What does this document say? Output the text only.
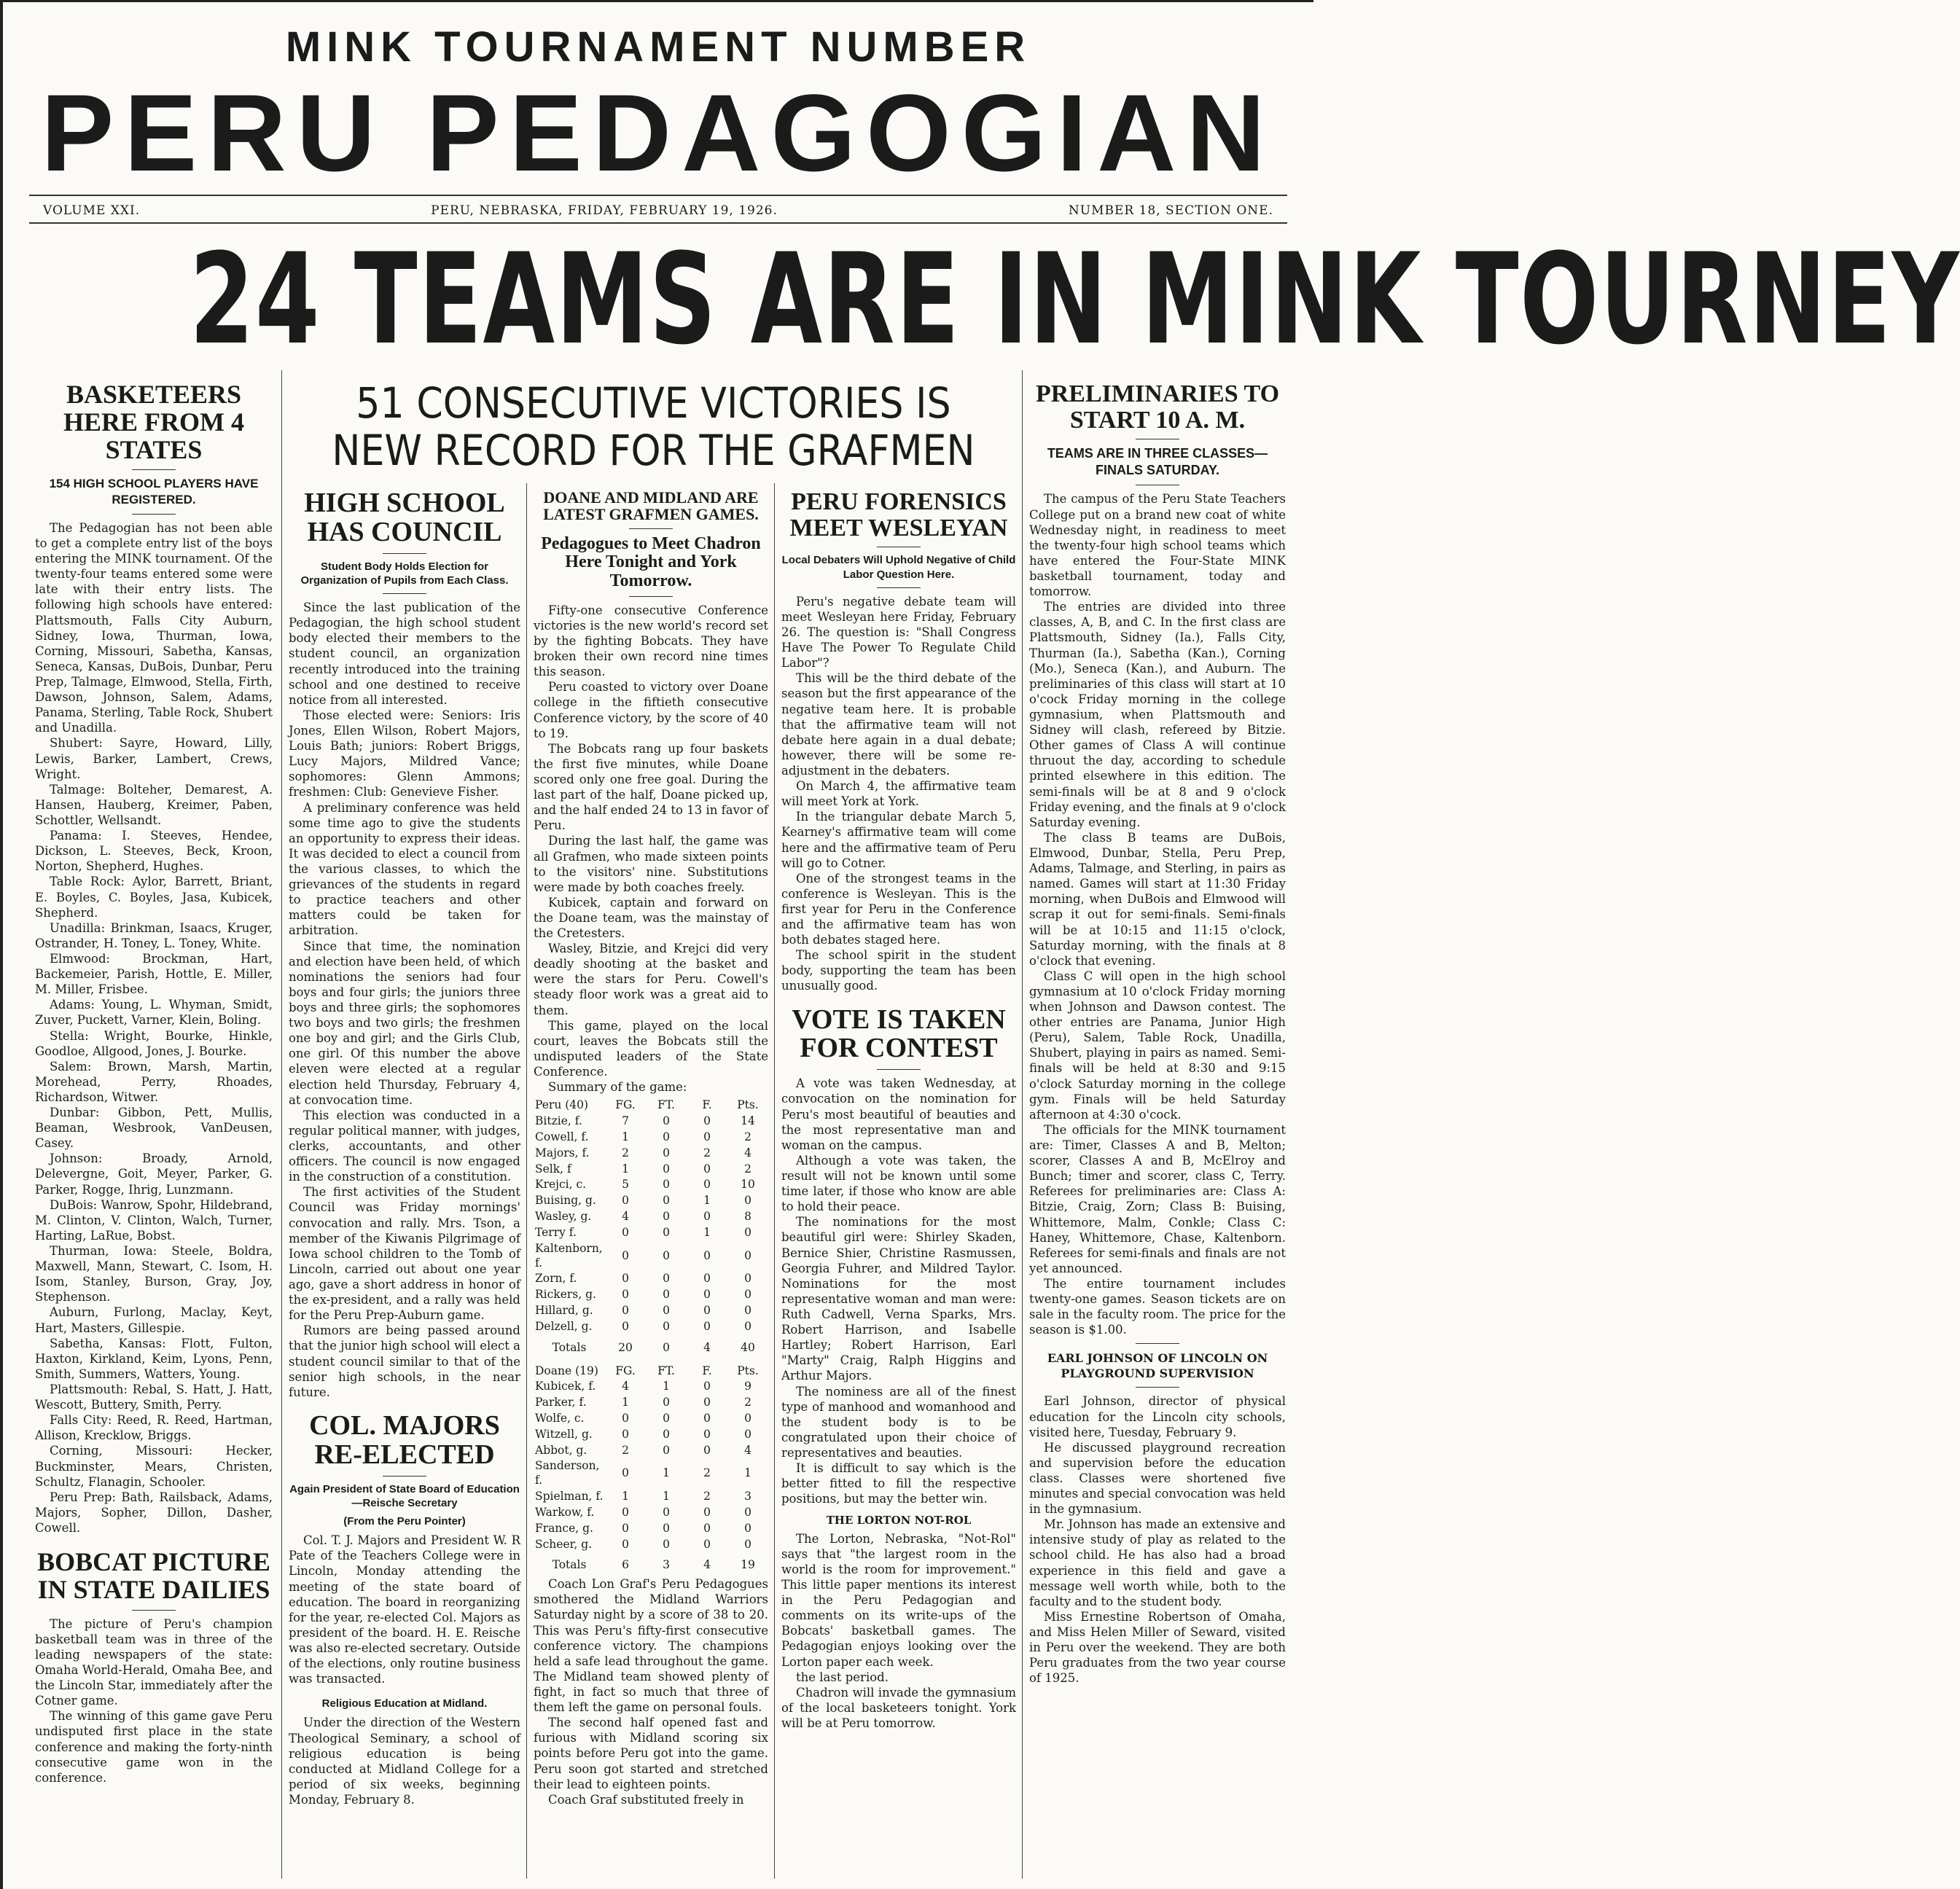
MINK TOURNAMENT NUMBER
PERU PEDAGOGIAN
VOLUME XXI.	PERU, NEBRASKA, FRIDAY, FEBRUARY 19, 1926.	NUMBER 18, SECTION ONE.
24 TEAMS ARE IN MINK TOURNEY
51 CONSECUTIVE VICTORIES IS NEW RECORD FOR THE GRAFMEN
BASKETEERS HERE FROM 4 STATES
154 HIGH SCHOOL PLAYERS HAVE REGISTERED.

The Pedagogian has not been able to get a complete entry list of the boys entering the MINK tournament. Of the twenty-four teams entered some were late with their entry lists. The following high schools have entered: Plattsmouth, Falls City Auburn, Sidney, Iowa, Thurman, Iowa, Corning, Missouri, Sabetha, Kansas, Seneca, Kansas, DuBois, Dunbar, Peru Prep, Talmage, Elmwood, Stella, Firth, Dawson, Johnson, Salem, Adams, Panama, Sterling, Table Rock, Shubert and Unadilla.

Shubert: Sayre, Howard, Lilly, Lewis, Barker, Lambert, Crews, Wright.

Talmage: Bolteher, Demarest, A. Hansen, Hauberg, Kreimer, Paben, Schottler, Wellsandt.

Panama: I. Steeves, Hendee, Dickson, L. Steeves, Beck, Kroon, Norton, Shepherd, Hughes.

Table Rock: Aylor, Barrett, Briant, E. Boyles, C. Boyles, Jasa, Kubicek, Shepherd.

Unadilla: Brinkman, Isaacs, Kruger, Ostrander, H. Toney, L. Toney, White.

Elmwood: Brockman, Hart, Backemeier, Parish, Hottle, E. Miller, M. Miller, Frisbee.

Adams: Young, L. Whyman, Smidt, Zuver, Puckett, Varner, Klein, Boling.

Stella: Wright, Bourke, Hinkle, Goodloe, Allgood, Jones, J. Bourke.

Salem: Brown, Marsh, Martin, Morehead, Perry, Rhoades, Richardson, Witwer.

Dunbar: Gibbon, Pett, Mullis, Beaman, Wesbrook, VanDeusen, Casey.

Johnson: Broady, Arnold, Delevergne, Goit, Meyer, Parker, G. Parker, Rogge, Ihrig, Lunzmann.

DuBois: Wanrow, Spohr, Hildebrand, M. Clinton, V. Clinton, Walch, Turner, Harting, LaRue, Bobst.

Thurman, Iowa: Steele, Boldra, Maxwell, Mann, Stewart, C. Isom, H. Isom, Stanley, Burson, Gray, Joy, Stephenson.

Auburn, Furlong, Maclay, Keyt, Hart, Masters, Gillespie.

Sabetha, Kansas: Flott, Fulton, Haxton, Kirkland, Keim, Lyons, Penn, Smith, Summers, Watters, Young.

Plattsmouth: Rebal, S. Hatt, J. Hatt, Wescott, Buttery, Smith, Perry.

Falls City: Reed, R. Reed, Hartman, Allison, Krecklow, Briggs.

Corning, Missouri: Hecker, Buckminster, Mears, Christen, Schultz, Flanagin, Schooler.

Peru Prep: Bath, Railsback, Adams, Majors, Sopher, Dillon, Dasher, Cowell.

BOBCAT PICTURE IN STATE DAILIES

The picture of Peru's champion basketball team was in three of the leading newspapers of the state: Omaha World-Herald, Omaha Bee, and the Lincoln Star, immediately after the Cotner game.

The winning of this game gave Peru undisputed first place in the state conference and making the forty-ninth consecutive game won in the conference.

HIGH SCHOOL HAS COUNCIL
Student Body Holds Election for Organization of Pupils from Each Class.

Since the last publication of the Pedagogian, the high school student body elected their members to the student council, an organization recently introduced into the training school and one destined to receive notice from all interested.

Those elected were: Seniors: Iris Jones, Ellen Wilson, Robert Majors, Louis Bath; juniors: Robert Briggs, Lucy Majors, Mildred Vance; sophomores: Glenn Ammons; freshmen: Club: Genevieve Fisher.

A preliminary conference was held some time ago to give the students an opportunity to express their ideas. It was decided to elect a council from the various classes, to which the grievances of the students in regard to practice teachers and other matters could be taken for arbitration.

Since that time, the nomination and election have been held, of which nominations the seniors had four boys and four girls; the juniors three boys and three girls; the sophomores two boys and two girls; the freshmen one boy and girl; and the Girls Club, one girl. Of this number the above eleven were elected at a regular election held Thursday, February 4, at convocation time.

This election was conducted in a regular political manner, with judges, clerks, accountants, and other officers. The council is now engaged in the construction of a constitution.

The first activities of the Student Council was Friday mornings' convocation and rally. Mrs. Tson, a member of the Kiwanis Pilgrimage of Iowa school children to the Tomb of Lincoln, carried out about one year ago, gave a short address in honor of the ex-president, and a rally was held for the Peru Prep-Auburn game.

Rumors are being passed around that the junior high school will elect a student council similar to that of the senior high schools, in the near future.

COL. MAJORS RE-ELECTED
Again President of State Board of Education—Reische Secretary
(From the Peru Pointer)

Col. T. J. Majors and President W. R Pate of the Teachers College were in Lincoln, Monday attending the meeting of the state board of education. The board in reorganizing for the year, re-elected Col. Majors as president of the board. H. E. Reische was also re-elected secretary. Outside of the elections, only routine business was transacted.

Religious Education at Midland.

Under the direction of the Western Theological Seminary, a school of religious education is being conducted at Midland College for a period of six weeks, beginning Monday, February 8.

DOANE AND MIDLAND ARE LATEST GRAFMEN GAMES.
Pedagogues to Meet Chadron Here Tonight and York Tomorrow.

Fifty-one consecutive Conference victories is the new world's record set by the fighting Bobcats. They have broken their own record nine times this season.

Peru coasted to victory over Doane college in the fiftieth consecutive Conference victory, by the score of 40 to 19.

The Bobcats rang up four baskets the first five minutes, while Doane scored only one free goal. During the last part of the half, Doane picked up, and the half ended 24 to 13 in favor of Peru.

During the last half, the game was all Grafmen, who made sixteen points to the visitors' nine. Substitutions were made by both coaches freely.

Kubicek, captain and forward on the Doane team, was the mainstay of the Cretesters.

Wasley, Bitzie, and Krejci did very deadly shooting at the basket and were the stars for Peru. Cowell's steady floor work was a great aid to them.

This game, played on the local court, leaves the Bobcats still the undisputed leaders of the State Conference.

Summary of the game:

Peru (40)	FG.	FT.	F.	Pts.
Bitzie, f.	7	0	0	14
Cowell, f.	1	0	0	2
Majors, f.	2	0	2	4
Selk, f	1	0	0	2
Krejci, c.	5	0	0	10
Buising, g.	0	0	1	0
Wasley, g.	4	0	0	8
Terry f.	0	0	1	0
Kaltenborn, f.	0	0	0	0
Zorn, f.	0	0	0	0
Rickers, g.	0	0	0	0
Hillard, g.	0	0	0	0
Delzell, g.	0	0	0	0
Totals	20	0	4	40
Doane (19)	FG.	FT.	F.	Pts.
Kubicek, f.	4	1	0	9
Parker, f.	1	0	0	2
Wolfe, c.	0	0	0	0
Witzell, g.	0	0	0	0
Abbot, g.	2	0	0	4
Sanderson, f.	0	1	2	1
Spielman, f.	1	1	2	3
Warkow, f.	0	0	0	0
France, g.	0	0	0	0
Scheer, g.	0	0	0	0
Totals	6	3	4	19

Coach Lon Graf's Peru Pedagogues smothered the Midland Warriors Saturday night by a score of 38 to 20. This was Peru's fifty-first consecutive conference victory. The champions held a safe lead throughout the game. The Midland team showed plenty of fight, in fact so much that three of them left the game on personal fouls.

The second half opened fast and furious with Midland scoring six points before Peru got into the game. Peru soon got started and stretched their lead to eighteen points.

Coach Graf substituted freely in

PERU FORENSICS MEET WESLEYAN
Local Debaters Will Uphold Negative of Child Labor Question Here.

Peru's negative debate team will meet Wesleyan here Friday, February 26. The question is: "Shall Congress Have The Power To Regulate Child Labor"?

This will be the third debate of the season but the first appearance of the negative team here. It is probable that the affirmative team will not debate here again in a dual debate; however, there will be some re-adjustment in the debaters.

On March 4, the affirmative team will meet York at York.

In the triangular debate March 5, Kearney's affirmative team will come here and the affirmative team of Peru will go to Cotner.

One of the strongest teams in the conference is Wesleyan. This is the first year for Peru in the Conference and the affirmative team has won both debates staged here.

The school spirit in the student body, supporting the team has been unusually good.

VOTE IS TAKEN FOR CONTEST

A vote was taken Wednesday, at convocation on the nomination for Peru's most beautiful of beauties and the most representative man and woman on the campus.

Although a vote was taken, the result will not be known until some time later, if those who know are able to hold their peace.

The nominations for the most beautiful girl were: Shirley Skaden, Bernice Shier, Christine Rasmussen, Georgia Fuhrer, and Mildred Taylor. Nominations for the most representative woman and man were: Ruth Cadwell, Verna Sparks, Mrs. Robert Harrison, and Isabelle Hartley; Robert Harrison, Earl "Marty" Craig, Ralph Higgins and Arthur Majors.

The nominess are all of the finest type of manhood and womanhood and the student body is to be congratulated upon their choice of representatives and beauties.

It is difficult to say which is the better fitted to fill the respective positions, but may the better win.

THE LORTON NOT-ROL

The Lorton, Nebraska, "Not-Rol" says that "the largest room in the world is the room for improvement." This little paper mentions its interest in the Peru Pedagogian and comments on its write-ups of the Bobcats' basketball games. The Pedagogian enjoys looking over the Lorton paper each week.

the last period.

Chadron will invade the gymnasium of the local basketeers tonight. York will be at Peru tomorrow.

PRELIMINARIES TO START 10 A. M.
TEAMS ARE IN THREE CLASSES—FINALS SATURDAY.

The campus of the Peru State Teachers College put on a brand new coat of white Wednesday night, in readiness to meet the twenty-four high school teams which have entered the Four-State MINK basketball tournament, today and tomorrow.

The entries are divided into three classes, A, B, and C. In the first class are Plattsmouth, Sidney (Ia.), Falls City, Thurman (Ia.), Sabetha (Kan.), Corning (Mo.), Seneca (Kan.), and Auburn. The preliminaries of this class will start at 10 o'cock Friday morning in the college gymnasium, when Plattsmouth and Sidney will clash, refereed by Bitzie. Other games of Class A will continue thruout the day, according to schedule printed elsewhere in this edition. The semi-finals will be at 8 and 9 o'clock Friday evening, and the finals at 9 o'clock Saturday evening.

The class B teams are DuBois, Elmwood, Dunbar, Stella, Peru Prep, Adams, Talmage, and Sterling, in pairs as named. Games will start at 11:30 Friday morning, when DuBois and Elmwood will scrap it out for semi-finals. Semi-finals will be at 10:15 and 11:15 o'clock, Saturday morning, with the finals at 8 o'clock that evening.

Class C will open in the high school gymnasium at 10 o'clock Friday morning when Johnson and Dawson contest. The other entries are Panama, Junior High (Peru), Salem, Table Rock, Unadilla, Shubert, playing in pairs as named. Semi-finals will be held at 8:30 and 9:15 o'clock Saturday morning in the college gym. Finals will be held Saturday afternoon at 4:30 o'cock.

The officials for the MINK tournament are: Timer, Classes A and B, Melton; scorer, Classes A and B, McElroy and Bunch; timer and scorer, class C, Terry. Referees for preliminaries are: Class A: Bitzie, Craig, Zorn; Class B: Buising, Whittemore, Malm, Conkle; Class C: Haney, Whittemore, Chase, Kaltenborn. Referees for semi-finals and finals are not yet announced.

The entire tournament includes twenty-one games. Season tickets are on sale in the faculty room. The price for the season is $1.00.

EARL JOHNSON OF LINCOLN ON PLAYGROUND SUPERVISION

Earl Johnson, director of physical education for the Lincoln city schools, visited here, Tuesday, February 9.

He discussed playground recreation and supervision before the education class. Classes were shortened five minutes and special convocation was held in the gymnasium.

Mr. Johnson has made an extensive and intensive study of play as related to the school child. He has also had a broad experience in this field and gave a message well worth while, both to the faculty and to the student body.

Miss Ernestine Robertson of Omaha, and Miss Helen Miller of Seward, visited in Peru over the weekend. They are both Peru graduates from the two year course of 1925.
